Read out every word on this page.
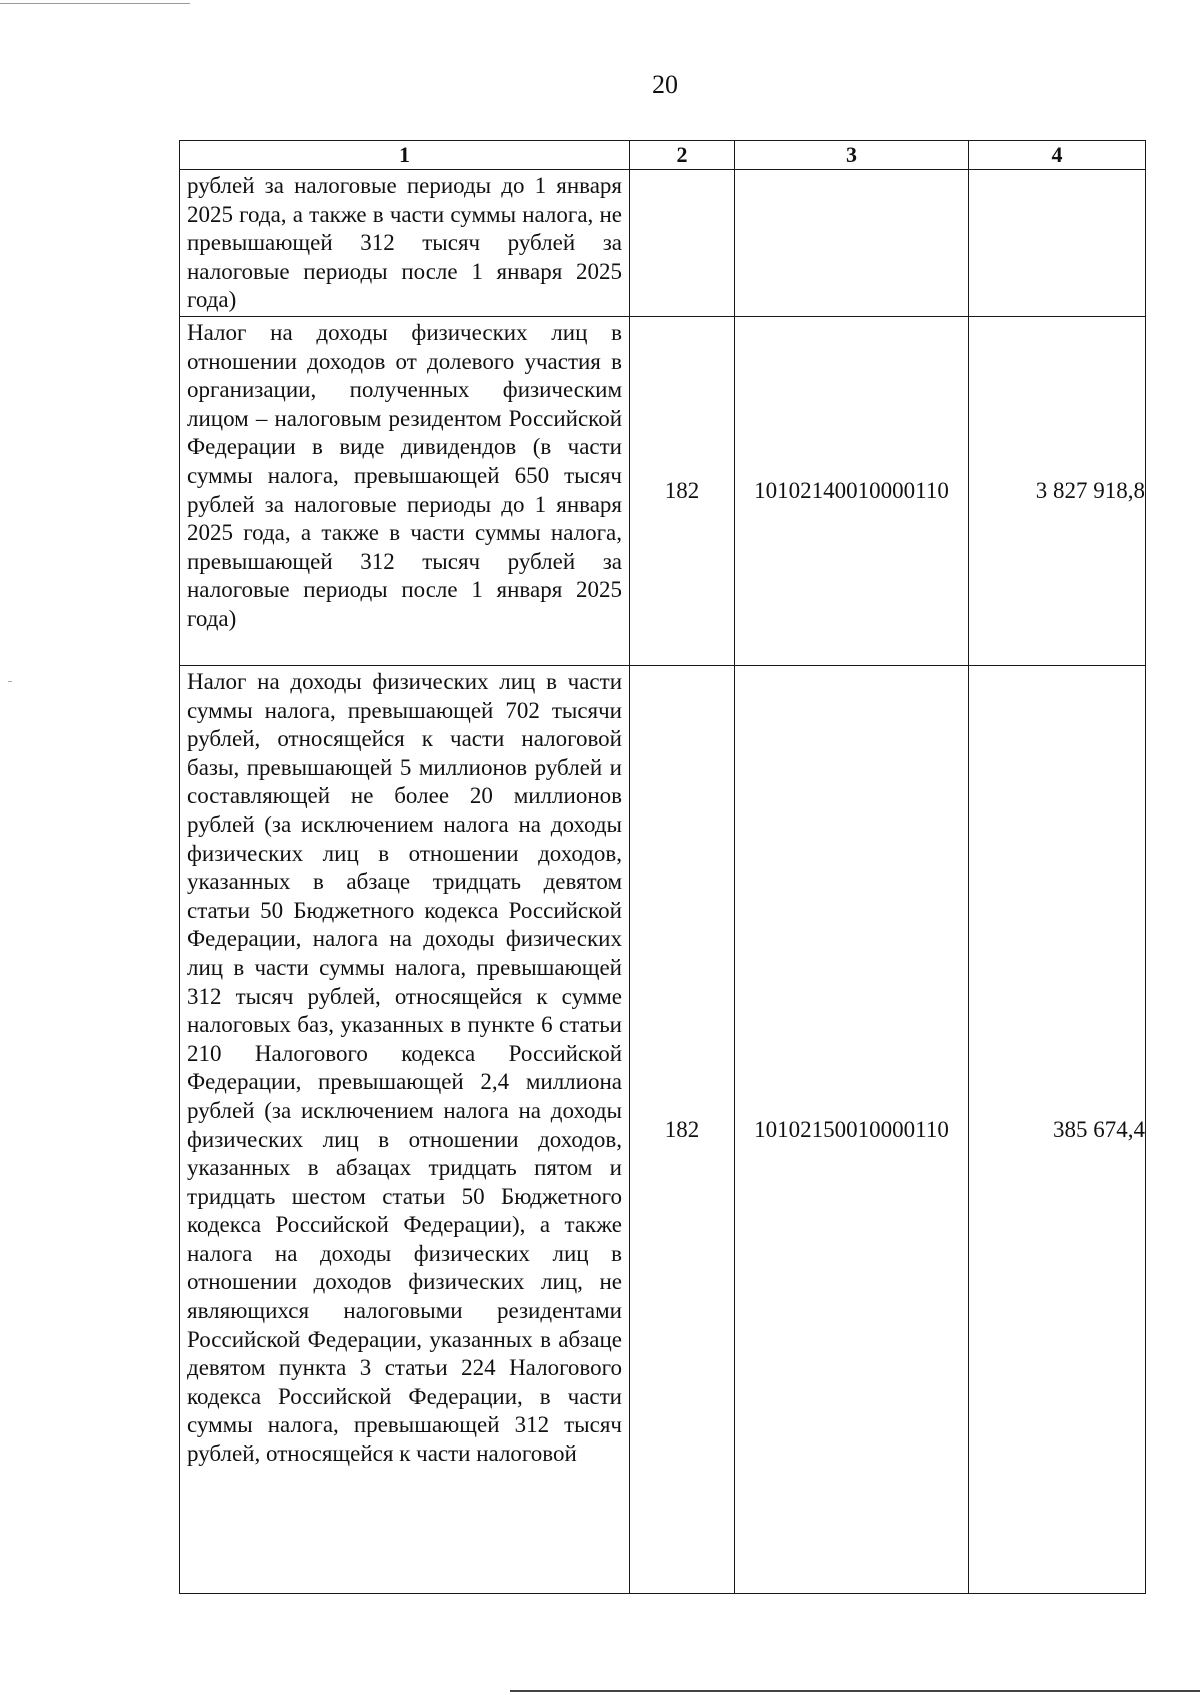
20
1	2	3	4

рублей за налоговые периоды до 1 января 2025 года, а также в части суммы налога, не превышающей 312 тысяч рублей за налоговые периоды после 1 января 2025 года)			

Налог на доходы физических лиц в отношении доходов от долевого участия в организации, полученных физическим лицом – налоговым резидентом Российской Федерации в виде дивидендов (в части суммы налога, превышающей 650 тысяч рублей за налоговые периоды до 1 января 2025 года, а также в части суммы налога, превышающей 312 тысяч рублей за налоговые периоды после 1 января 2025 года)	182	10102140010000110	3 827 918,8

Налог на доходы физических лиц в части суммы налога, превышающей 702 тысячи рублей, относящейся к части налоговой базы, превышающей 5 миллионов рублей и составляющей не более 20 миллионов рублей (за исключением налога на доходы физических лиц в отношении доходов, указанных в абзаце тридцать девятом статьи 50 Бюджетного кодекса Российской Федерации, налога на доходы физических лиц в части суммы налога, превышающей 312 тысяч рублей, относящейся к сумме налоговых баз, указанных в пункте 6 статьи 210 Налогового кодекса Российской Федерации, превышающей 2,4 миллиона рублей (за исключением налога на доходы физических лиц в отношении доходов, указанных в абзацах тридцать пятом и тридцать шестом статьи 50 Бюджетного кодекса Российской Федерации), а также налога на доходы физических лиц в отношении доходов физических лиц, не являющихся налоговыми резидентами Российской Федерации, указанных в абзаце девятом пункта 3 статьи 224 Налогового кодекса Российской Федерации, в части суммы налога, превышающей 312 тысяч рублей, относящейся к части налоговой	182	10102150010000110	385 674,4
